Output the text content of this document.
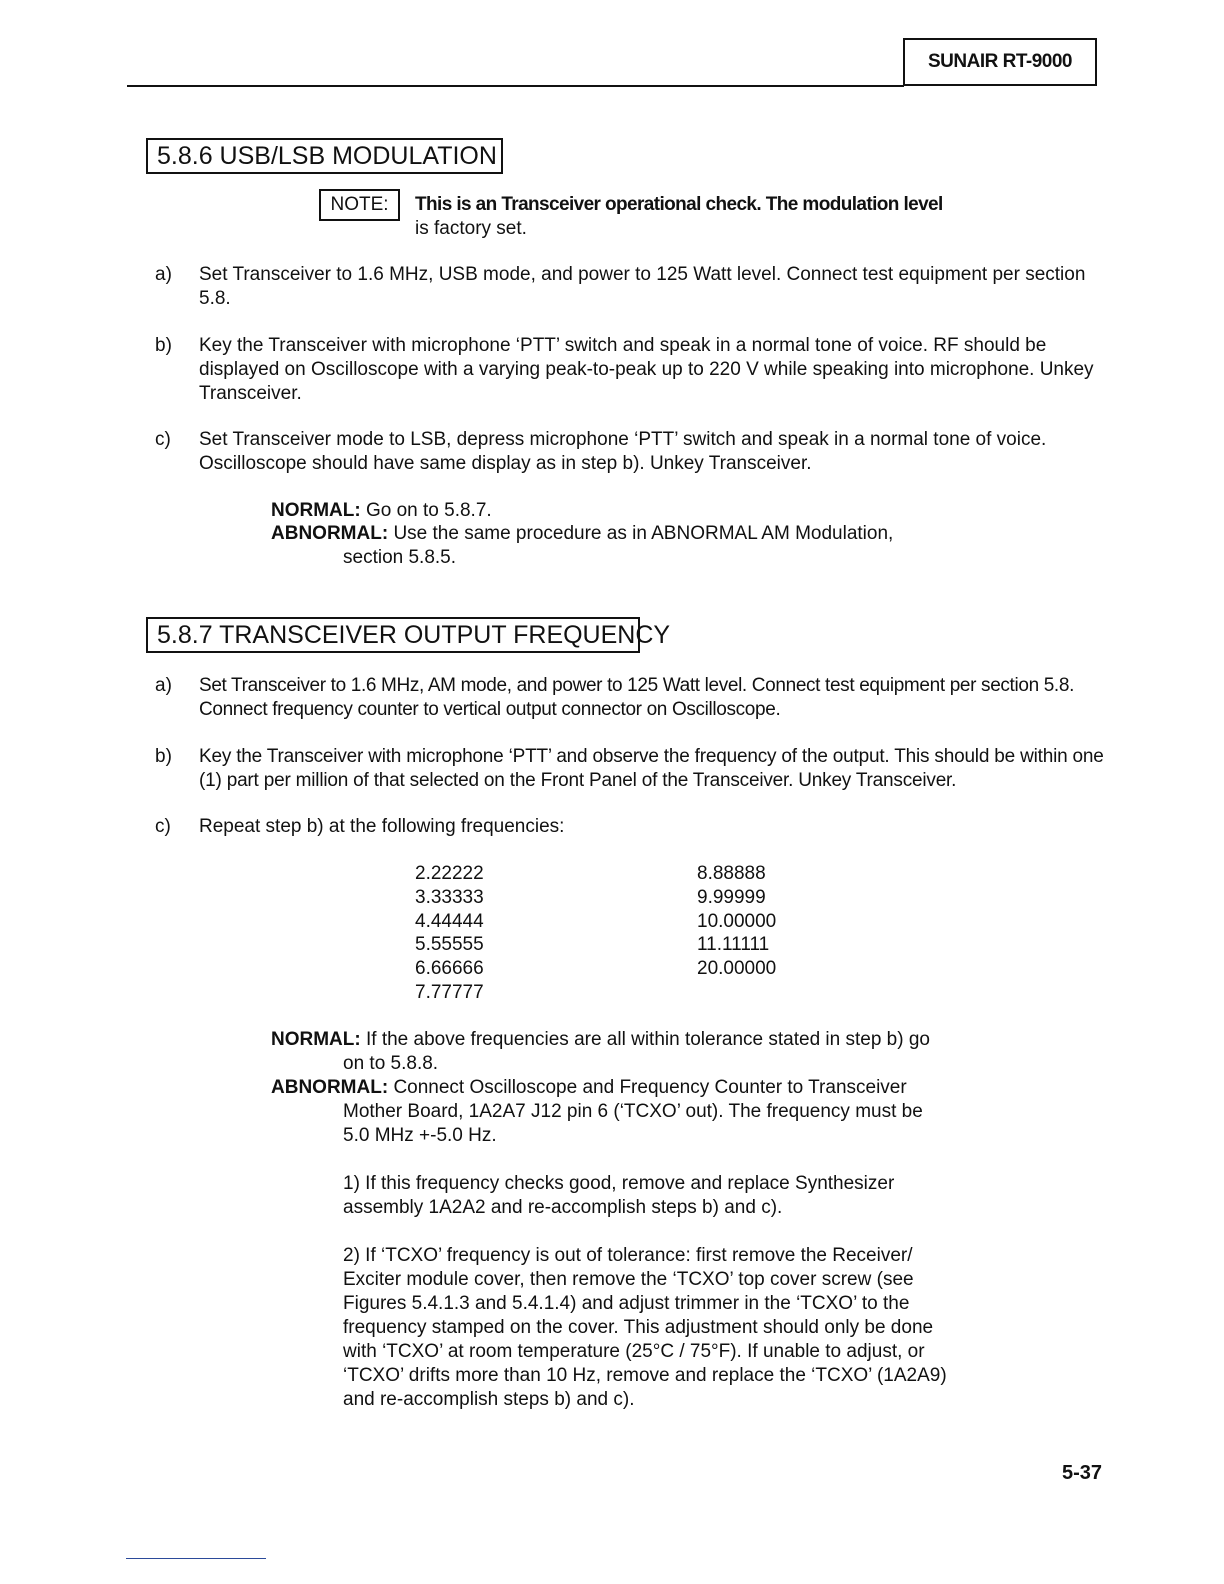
SUNAIR RT-9000
5.8.6 USB/LSB MODULATION
NOTE:	This is an Transceiver operational check. The modulation level
is factory set.
a) Set Transceiver to 1.6 MHz, USB mode, and power to 125 Watt level. Connect test equipment per section 5.8.
b) Key the Transceiver with microphone ‘PTT’ switch and speak in a normal tone of voice. RF should be displayed on Oscilloscope with a varying peak-to-peak up to 220 V while speaking into microphone. Unkey Transceiver.
c) Set Transceiver mode to LSB, depress microphone ‘PTT’ switch and speak in a normal tone of voice. Oscilloscope should have same display as in step b). Unkey Transceiver.
NORMAL: Go on to 5.8.7.
ABNORMAL: Use the same procedure as in ABNORMAL AM Modulation,
section 5.8.5.
5.8.7 TRANSCEIVER OUTPUT FREQUENCY
a) Set Transceiver to 1.6 MHz, AM mode, and power to 125 Watt level. Connect test equipment per section 5.8. Connect frequency counter to vertical output connector on Oscilloscope.
b) Key the Transceiver with microphone ‘PTT’ and observe the frequency of the output. This should be within one (1) part per million of that selected on the Front Panel of the Transceiver. Unkey Transceiver.
c) Repeat step b) at the following frequencies:
2.22222
3.33333
4.44444
5.55555
6.66666
7.77777
8.88888
9.99999
10.00000
11.11111
20.00000
NORMAL: If the above frequencies are all within tolerance stated in step b) go
on to 5.8.8.
ABNORMAL: Connect Oscilloscope and Frequency Counter to Transceiver
Mother Board, 1A2A7 J12 pin 6 (‘TCXO’ out). The frequency must be
5.0 MHz +-5.0 Hz.
1) If this frequency checks good, remove and replace Synthesizer assembly 1A2A2 and re-accomplish steps b) and c).
2) If ‘TCXO’ frequency is out of tolerance: first remove the Receiver/ Exciter module cover, then remove the ‘TCXO’ top cover screw (see Figures 5.4.1.3 and 5.4.1.4) and adjust trimmer in the ‘TCXO’ to the frequency stamped on the cover. This adjustment should only be done with ‘TCXO’ at room temperature (25°C / 75°F). If unable to adjust, or ‘TCXO’ drifts more than 10 Hz, remove and replace the ‘TCXO’ (1A2A9) and re-accomplish steps b) and c).
5-37
